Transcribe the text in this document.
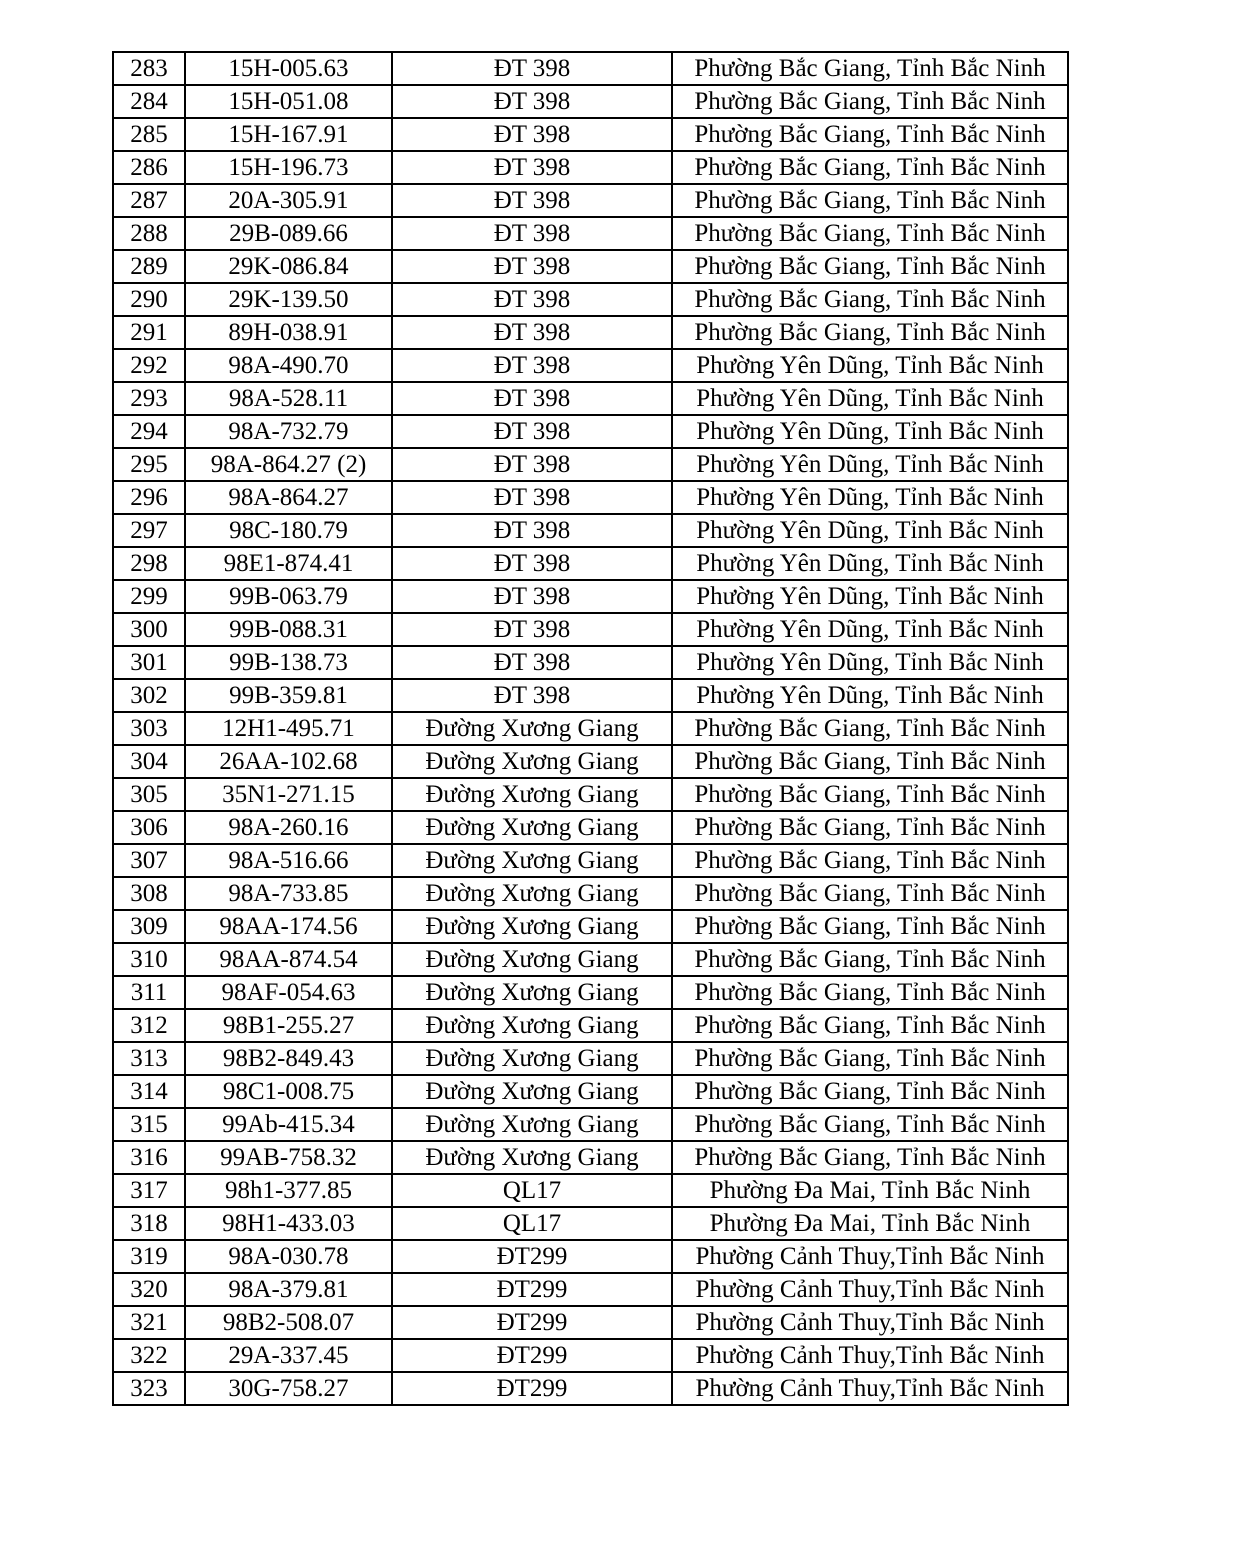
283	15H-005.63	ĐT 398	Phường Bắc Giang, Tỉnh Bắc Ninh
284	15H-051.08	ĐT 398	Phường Bắc Giang, Tỉnh Bắc Ninh
285	15H-167.91	ĐT 398	Phường Bắc Giang, Tỉnh Bắc Ninh
286	15H-196.73	ĐT 398	Phường Bắc Giang, Tỉnh Bắc Ninh
287	20A-305.91	ĐT 398	Phường Bắc Giang, Tỉnh Bắc Ninh
288	29B-089.66	ĐT 398	Phường Bắc Giang, Tỉnh Bắc Ninh
289	29K-086.84	ĐT 398	Phường Bắc Giang, Tỉnh Bắc Ninh
290	29K-139.50	ĐT 398	Phường Bắc Giang, Tỉnh Bắc Ninh
291	89H-038.91	ĐT 398	Phường Bắc Giang, Tỉnh Bắc Ninh
292	98A-490.70	ĐT 398	Phường Yên Dũng, Tỉnh Bắc Ninh
293	98A-528.11	ĐT 398	Phường Yên Dũng, Tỉnh Bắc Ninh
294	98A-732.79	ĐT 398	Phường Yên Dũng, Tỉnh Bắc Ninh
295	98A-864.27 (2)	ĐT 398	Phường Yên Dũng, Tỉnh Bắc Ninh
296	98A-864.27	ĐT 398	Phường Yên Dũng, Tỉnh Bắc Ninh
297	98C-180.79	ĐT 398	Phường Yên Dũng, Tỉnh Bắc Ninh
298	98E1-874.41	ĐT 398	Phường Yên Dũng, Tỉnh Bắc Ninh
299	99B-063.79	ĐT 398	Phường Yên Dũng, Tỉnh Bắc Ninh
300	99B-088.31	ĐT 398	Phường Yên Dũng, Tỉnh Bắc Ninh
301	99B-138.73	ĐT 398	Phường Yên Dũng, Tỉnh Bắc Ninh
302	99B-359.81	ĐT 398	Phường Yên Dũng, Tỉnh Bắc Ninh
303	12H1-495.71	Đường Xương Giang	Phường Bắc Giang, Tỉnh Bắc Ninh
304	26AA-102.68	Đường Xương Giang	Phường Bắc Giang, Tỉnh Bắc Ninh
305	35N1-271.15	Đường Xương Giang	Phường Bắc Giang, Tỉnh Bắc Ninh
306	98A-260.16	Đường Xương Giang	Phường Bắc Giang, Tỉnh Bắc Ninh
307	98A-516.66	Đường Xương Giang	Phường Bắc Giang, Tỉnh Bắc Ninh
308	98A-733.85	Đường Xương Giang	Phường Bắc Giang, Tỉnh Bắc Ninh
309	98AA-174.56	Đường Xương Giang	Phường Bắc Giang, Tỉnh Bắc Ninh
310	98AA-874.54	Đường Xương Giang	Phường Bắc Giang, Tỉnh Bắc Ninh
311	98AF-054.63	Đường Xương Giang	Phường Bắc Giang, Tỉnh Bắc Ninh
312	98B1-255.27	Đường Xương Giang	Phường Bắc Giang, Tỉnh Bắc Ninh
313	98B2-849.43	Đường Xương Giang	Phường Bắc Giang, Tỉnh Bắc Ninh
314	98C1-008.75	Đường Xương Giang	Phường Bắc Giang, Tỉnh Bắc Ninh
315	99Ab-415.34	Đường Xương Giang	Phường Bắc Giang, Tỉnh Bắc Ninh
316	99AB-758.32	Đường Xương Giang	Phường Bắc Giang, Tỉnh Bắc Ninh
317	98h1-377.85	QL17	Phường Đa Mai, Tỉnh Bắc Ninh
318	98H1-433.03	QL17	Phường Đa Mai, Tỉnh Bắc Ninh
319	98A-030.78	ĐT299	Phường Cảnh Thuy,Tỉnh Bắc Ninh
320	98A-379.81	ĐT299	Phường Cảnh Thuy,Tỉnh Bắc Ninh
321	98B2-508.07	ĐT299	Phường Cảnh Thuy,Tỉnh Bắc Ninh
322	29A-337.45	ĐT299	Phường Cảnh Thuy,Tỉnh Bắc Ninh
323	30G-758.27	ĐT299	Phường Cảnh Thuy,Tỉnh Bắc Ninh
